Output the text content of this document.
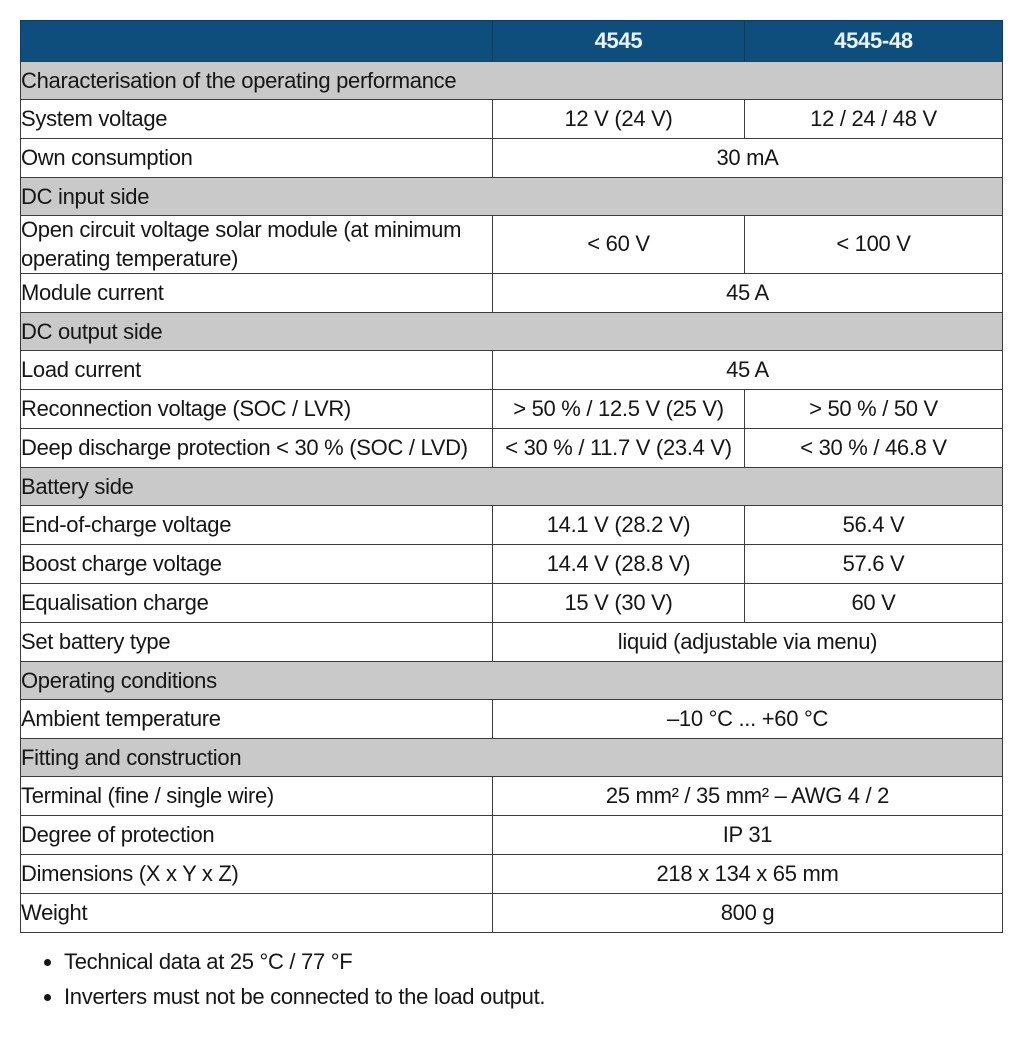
	4545	4545-48
Characterisation of the operating performance		
System voltage	12 V (24 V)	12 / 24 / 48 V
Own consumption	30 mA	
DC input side		
Open circuit voltage solar module (at minimum operating temperature)	< 60 V	< 100 V
Module current	45 A	
DC output side		
Load current	45 A	
Reconnection voltage (SOC / LVR)	> 50 % / 12.5 V (25 V)	> 50 % / 50 V
Deep discharge protection < 30 % (SOC / LVD)	< 30 % / 11.7 V (23.4 V)	< 30 % / 46.8 V
Battery side		
End-of-charge voltage	14.1 V (28.2 V)	56.4 V
Boost charge voltage	14.4 V (28.8 V)	57.6 V
Equalisation charge	15 V (30 V)	60 V
Set battery type	liquid (adjustable via menu)	
Operating conditions		
Ambient temperature	–10 °C ... +60 °C	
Fitting and construction		
Terminal (fine / single wire)	25 mm² / 35 mm² – AWG 4 / 2	
Degree of protection	IP 31	
Dimensions (X x Y x Z)	218 x 134 x 65 mm	
Weight	800 g	
• Technical data at 25 °C / 77 °F
• Inverters must not be connected to the load output.
